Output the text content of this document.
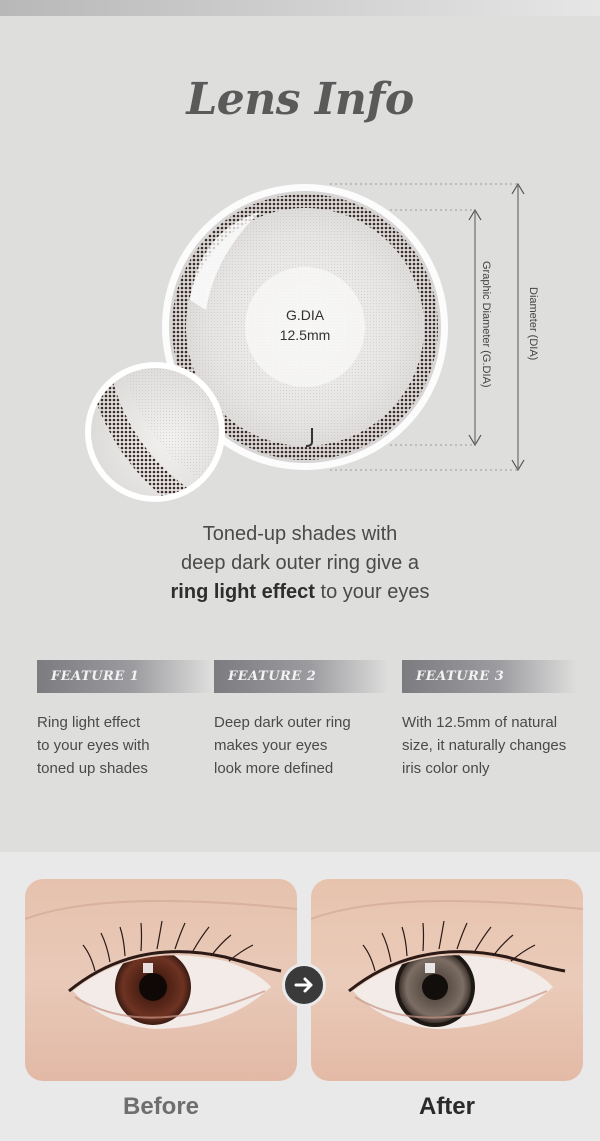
Lens Info
G.DIA
12.5mm	Graphic Diameter (G.DIA)	Diameter (DIA)
Toned-up shades with
deep dark outer ring give a
ring light effect to your eyes
FEATURE 1
Ring light effect
to your eyes with
toned up shades
FEATURE 2
Deep dark outer ring
makes your eyes
look more defined
FEATURE 3
With 12.5mm of natural
size, it naturally changes
iris color only
Before	After
